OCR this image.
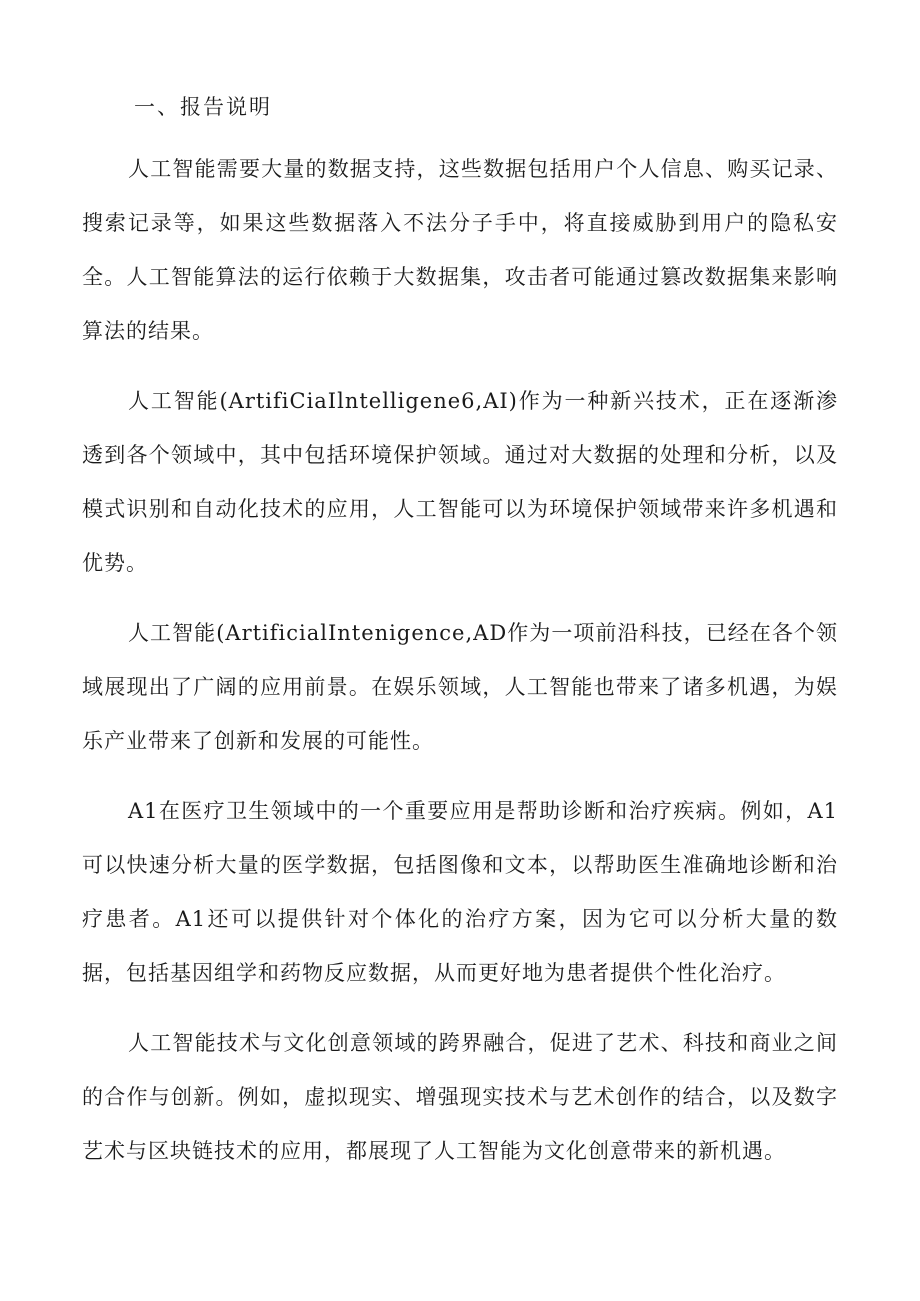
一、报告说明

人工智能需要大量的数据支持，这些数据包括用户个人信息、购买记录、搜索记录等，如果这些数据落入不法分子手中，将直接威胁到用户的隐私安全。人工智能算法的运行依赖于大数据集，攻击者可能通过篡改数据集来影响算法的结果。

人工智能(ArtifiCiaIlntelligene6,AI)作为一种新兴技术，正在逐渐渗透到各个领域中，其中包括环境保护领域。通过对大数据的处理和分析，以及模式识别和自动化技术的应用，人工智能可以为环境保护领域带来许多机遇和优势。

人工智能(ArtificialIntenigence,AD作为一项前沿科技，已经在各个领域展现出了广阔的应用前景。在娱乐领域，人工智能也带来了诸多机遇，为娱乐产业带来了创新和发展的可能性。

A1在医疗卫生领域中的一个重要应用是帮助诊断和治疗疾病。例如，A1可以快速分析大量的医学数据，包括图像和文本，以帮助医生准确地诊断和治疗患者。A1还可以提供针对个体化的治疗方案，因为它可以分析大量的数据，包括基因组学和药物反应数据，从而更好地为患者提供个性化治疗。

人工智能技术与文化创意领域的跨界融合，促进了艺术、科技和商业之间的合作与创新。例如，虚拟现实、增强现实技术与艺术创作的结合，以及数字艺术与区块链技术的应用，都展现了人工智能为文化创意带来的新机遇。
